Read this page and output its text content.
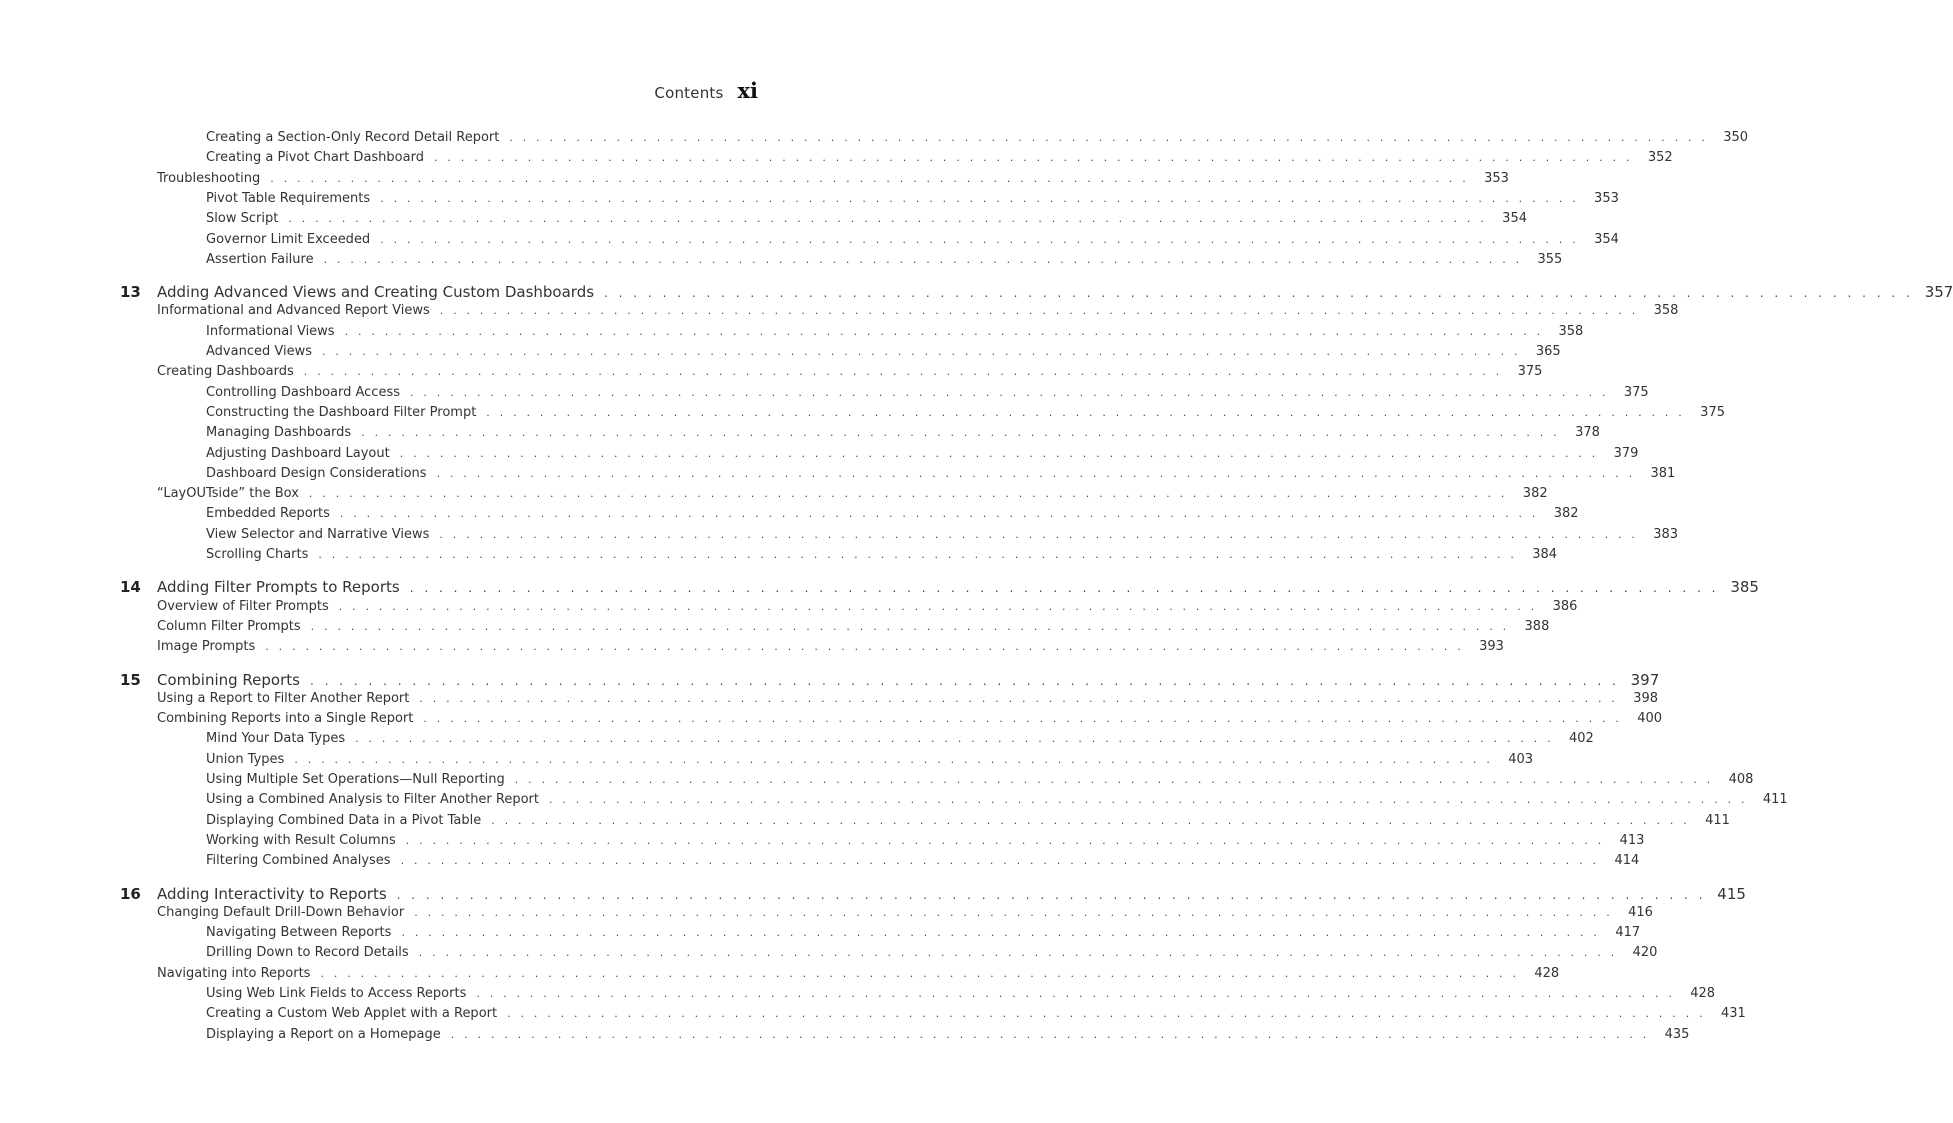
Contents xi
Creating a Section-Only Record Detail Report . . . . . . . . . . . . . . . . . . . . . . . . . . . . . . . . . . . . . . . . . . . . . . . . . . . . . . . . . . . . . . . . . . . . . . . . . . . . . . . . . . . . . . . . . .	350
Creating a Pivot Chart Dashboard . . . . . . . . . . . . . . . . . . . . . . . . . . . . . . . . . . . . . . . . . . . . . . . . . . . . . . . . . . . . . . . . . . . . . . . . . . . . . . . . . . . . . . . . . .	352
Troubleshooting . . . . . . . . . . . . . . . . . . . . . . . . . . . . . . . . . . . . . . . . . . . . . . . . . . . . . . . . . . . . . . . . . . . . . . . . . . . . . . . . . . . . . . . . . .	353
Pivot Table Requirements . . . . . . . . . . . . . . . . . . . . . . . . . . . . . . . . . . . . . . . . . . . . . . . . . . . . . . . . . . . . . . . . . . . . . . . . . . . . . . . . . . . . . . . . . .	353
Slow Script . . . . . . . . . . . . . . . . . . . . . . . . . . . . . . . . . . . . . . . . . . . . . . . . . . . . . . . . . . . . . . . . . . . . . . . . . . . . . . . . . . . . . . . . . .	354
Governor Limit Exceeded . . . . . . . . . . . . . . . . . . . . . . . . . . . . . . . . . . . . . . . . . . . . . . . . . . . . . . . . . . . . . . . . . . . . . . . . . . . . . . . . . . . . . . . . . .	354
Assertion Failure . . . . . . . . . . . . . . . . . . . . . . . . . . . . . . . . . . . . . . . . . . . . . . . . . . . . . . . . . . . . . . . . . . . . . . . . . . . . . . . . . . . . . . . . . .	355
13 Adding Advanced Views and Creating Custom Dashboards . . . . . . . . . . . . . . . . . . . . . . . . . . . . . . . . . . . . . . . . . . . . . . . . . . . . . . . . . . . . . . . . . . . . . . . . . . . . . . . . . . . . . . . . . . 357
Informational and Advanced Report Views . . . . . . . . . . . . . . . . . . . . . . . . . . . . . . . . . . . . . . . . . . . . . . . . . . . . . . . . . . . . . . . . . . . . . . . . . . . . . . . . . . . . . . . . . .	358
Informational Views . . . . . . . . . . . . . . . . . . . . . . . . . . . . . . . . . . . . . . . . . . . . . . . . . . . . . . . . . . . . . . . . . . . . . . . . . . . . . . . . . . . . . . . . . .	358
Advanced Views . . . . . . . . . . . . . . . . . . . . . . . . . . . . . . . . . . . . . . . . . . . . . . . . . . . . . . . . . . . . . . . . . . . . . . . . . . . . . . . . . . . . . . . . . .	365
Creating Dashboards . . . . . . . . . . . . . . . . . . . . . . . . . . . . . . . . . . . . . . . . . . . . . . . . . . . . . . . . . . . . . . . . . . . . . . . . . . . . . . . . . . . . . . . . . .	375
Controlling Dashboard Access . . . . . . . . . . . . . . . . . . . . . . . . . . . . . . . . . . . . . . . . . . . . . . . . . . . . . . . . . . . . . . . . . . . . . . . . . . . . . . . . . . . . . . . . . .	375
Constructing the Dashboard Filter Prompt . . . . . . . . . . . . . . . . . . . . . . . . . . . . . . . . . . . . . . . . . . . . . . . . . . . . . . . . . . . . . . . . . . . . . . . . . . . . . . . . . . . . . . . . . .	375
Managing Dashboards . . . . . . . . . . . . . . . . . . . . . . . . . . . . . . . . . . . . . . . . . . . . . . . . . . . . . . . . . . . . . . . . . . . . . . . . . . . . . . . . . . . . . . . . . .	378
Adjusting Dashboard Layout . . . . . . . . . . . . . . . . . . . . . . . . . . . . . . . . . . . . . . . . . . . . . . . . . . . . . . . . . . . . . . . . . . . . . . . . . . . . . . . . . . . . . . . . . .	379
Dashboard Design Considerations . . . . . . . . . . . . . . . . . . . . . . . . . . . . . . . . . . . . . . . . . . . . . . . . . . . . . . . . . . . . . . . . . . . . . . . . . . . . . . . . . . . . . . . . . .	381
“LayOUTside” the Box . . . . . . . . . . . . . . . . . . . . . . . . . . . . . . . . . . . . . . . . . . . . . . . . . . . . . . . . . . . . . . . . . . . . . . . . . . . . . . . . . . . . . . . . . .	382
Embedded Reports . . . . . . . . . . . . . . . . . . . . . . . . . . . . . . . . . . . . . . . . . . . . . . . . . . . . . . . . . . . . . . . . . . . . . . . . . . . . . . . . . . . . . . . . . .	382
View Selector and Narrative Views . . . . . . . . . . . . . . . . . . . . . . . . . . . . . . . . . . . . . . . . . . . . . . . . . . . . . . . . . . . . . . . . . . . . . . . . . . . . . . . . . . . . . . . . . .	383
Scrolling Charts . . . . . . . . . . . . . . . . . . . . . . . . . . . . . . . . . . . . . . . . . . . . . . . . . . . . . . . . . . . . . . . . . . . . . . . . . . . . . . . . . . . . . . . . . .	384
14 Adding Filter Prompts to Reports . . . . . . . . . . . . . . . . . . . . . . . . . . . . . . . . . . . . . . . . . . . . . . . . . . . . . . . . . . . . . . . . . . . . . . . . . . . . . . . . . . . . . . . . . . 385
Overview of Filter Prompts . . . . . . . . . . . . . . . . . . . . . . . . . . . . . . . . . . . . . . . . . . . . . . . . . . . . . . . . . . . . . . . . . . . . . . . . . . . . . . . . . . . . . . . . . .	386
Column Filter Prompts . . . . . . . . . . . . . . . . . . . . . . . . . . . . . . . . . . . . . . . . . . . . . . . . . . . . . . . . . . . . . . . . . . . . . . . . . . . . . . . . . . . . . . . . . .	388
Image Prompts . . . . . . . . . . . . . . . . . . . . . . . . . . . . . . . . . . . . . . . . . . . . . . . . . . . . . . . . . . . . . . . . . . . . . . . . . . . . . . . . . . . . . . . . . .	393
15 Combining Reports . . . . . . . . . . . . . . . . . . . . . . . . . . . . . . . . . . . . . . . . . . . . . . . . . . . . . . . . . . . . . . . . . . . . . . . . . . . . . . . . . . . . . . . . . . 397
Using a Report to Filter Another Report . . . . . . . . . . . . . . . . . . . . . . . . . . . . . . . . . . . . . . . . . . . . . . . . . . . . . . . . . . . . . . . . . . . . . . . . . . . . . . . . . . . . . . . . . .	398
Combining Reports into a Single Report . . . . . . . . . . . . . . . . . . . . . . . . . . . . . . . . . . . . . . . . . . . . . . . . . . . . . . . . . . . . . . . . . . . . . . . . . . . . . . . . . . . . . . . . . .	400
Mind Your Data Types . . . . . . . . . . . . . . . . . . . . . . . . . . . . . . . . . . . . . . . . . . . . . . . . . . . . . . . . . . . . . . . . . . . . . . . . . . . . . . . . . . . . . . . . . .	402
Union Types . . . . . . . . . . . . . . . . . . . . . . . . . . . . . . . . . . . . . . . . . . . . . . . . . . . . . . . . . . . . . . . . . . . . . . . . . . . . . . . . . . . . . . . . . .	403
Using Multiple Set Operations—Null Reporting . . . . . . . . . . . . . . . . . . . . . . . . . . . . . . . . . . . . . . . . . . . . . . . . . . . . . . . . . . . . . . . . . . . . . . . . . . . . . . . . . . . . . . . . . .	408
Using a Combined Analysis to Filter Another Report . . . . . . . . . . . . . . . . . . . . . . . . . . . . . . . . . . . . . . . . . . . . . . . . . . . . . . . . . . . . . . . . . . . . . . . . . . . . . . . . . . . . . . . . . .	411
Displaying Combined Data in a Pivot Table . . . . . . . . . . . . . . . . . . . . . . . . . . . . . . . . . . . . . . . . . . . . . . . . . . . . . . . . . . . . . . . . . . . . . . . . . . . . . . . . . . . . . . . . . .	411
Working with Result Columns . . . . . . . . . . . . . . . . . . . . . . . . . . . . . . . . . . . . . . . . . . . . . . . . . . . . . . . . . . . . . . . . . . . . . . . . . . . . . . . . . . . . . . . . . .	413
Filtering Combined Analyses . . . . . . . . . . . . . . . . . . . . . . . . . . . . . . . . . . . . . . . . . . . . . . . . . . . . . . . . . . . . . . . . . . . . . . . . . . . . . . . . . . . . . . . . . .	414
16 Adding Interactivity to Reports . . . . . . . . . . . . . . . . . . . . . . . . . . . . . . . . . . . . . . . . . . . . . . . . . . . . . . . . . . . . . . . . . . . . . . . . . . . . . . . . . . . . . . . . . . 415
Changing Default Drill-Down Behavior . . . . . . . . . . . . . . . . . . . . . . . . . . . . . . . . . . . . . . . . . . . . . . . . . . . . . . . . . . . . . . . . . . . . . . . . . . . . . . . . . . . . . . . . . .	416
Navigating Between Reports . . . . . . . . . . . . . . . . . . . . . . . . . . . . . . . . . . . . . . . . . . . . . . . . . . . . . . . . . . . . . . . . . . . . . . . . . . . . . . . . . . . . . . . . . .	417
Drilling Down to Record Details . . . . . . . . . . . . . . . . . . . . . . . . . . . . . . . . . . . . . . . . . . . . . . . . . . . . . . . . . . . . . . . . . . . . . . . . . . . . . . . . . . . . . . . . . .	420
Navigating into Reports . . . . . . . . . . . . . . . . . . . . . . . . . . . . . . . . . . . . . . . . . . . . . . . . . . . . . . . . . . . . . . . . . . . . . . . . . . . . . . . . . . . . . . . . . .	428
Using Web Link Fields to Access Reports . . . . . . . . . . . . . . . . . . . . . . . . . . . . . . . . . . . . . . . . . . . . . . . . . . . . . . . . . . . . . . . . . . . . . . . . . . . . . . . . . . . . . . . . . .	428
Creating a Custom Web Applet with a Report . . . . . . . . . . . . . . . . . . . . . . . . . . . . . . . . . . . . . . . . . . . . . . . . . . . . . . . . . . . . . . . . . . . . . . . . . . . . . . . . . . . . . . . . . .	431
Displaying a Report on a Homepage . . . . . . . . . . . . . . . . . . . . . . . . . . . . . . . . . . . . . . . . . . . . . . . . . . . . . . . . . . . . . . . . . . . . . . . . . . . . . . . . . . . . . . . . . .	435
